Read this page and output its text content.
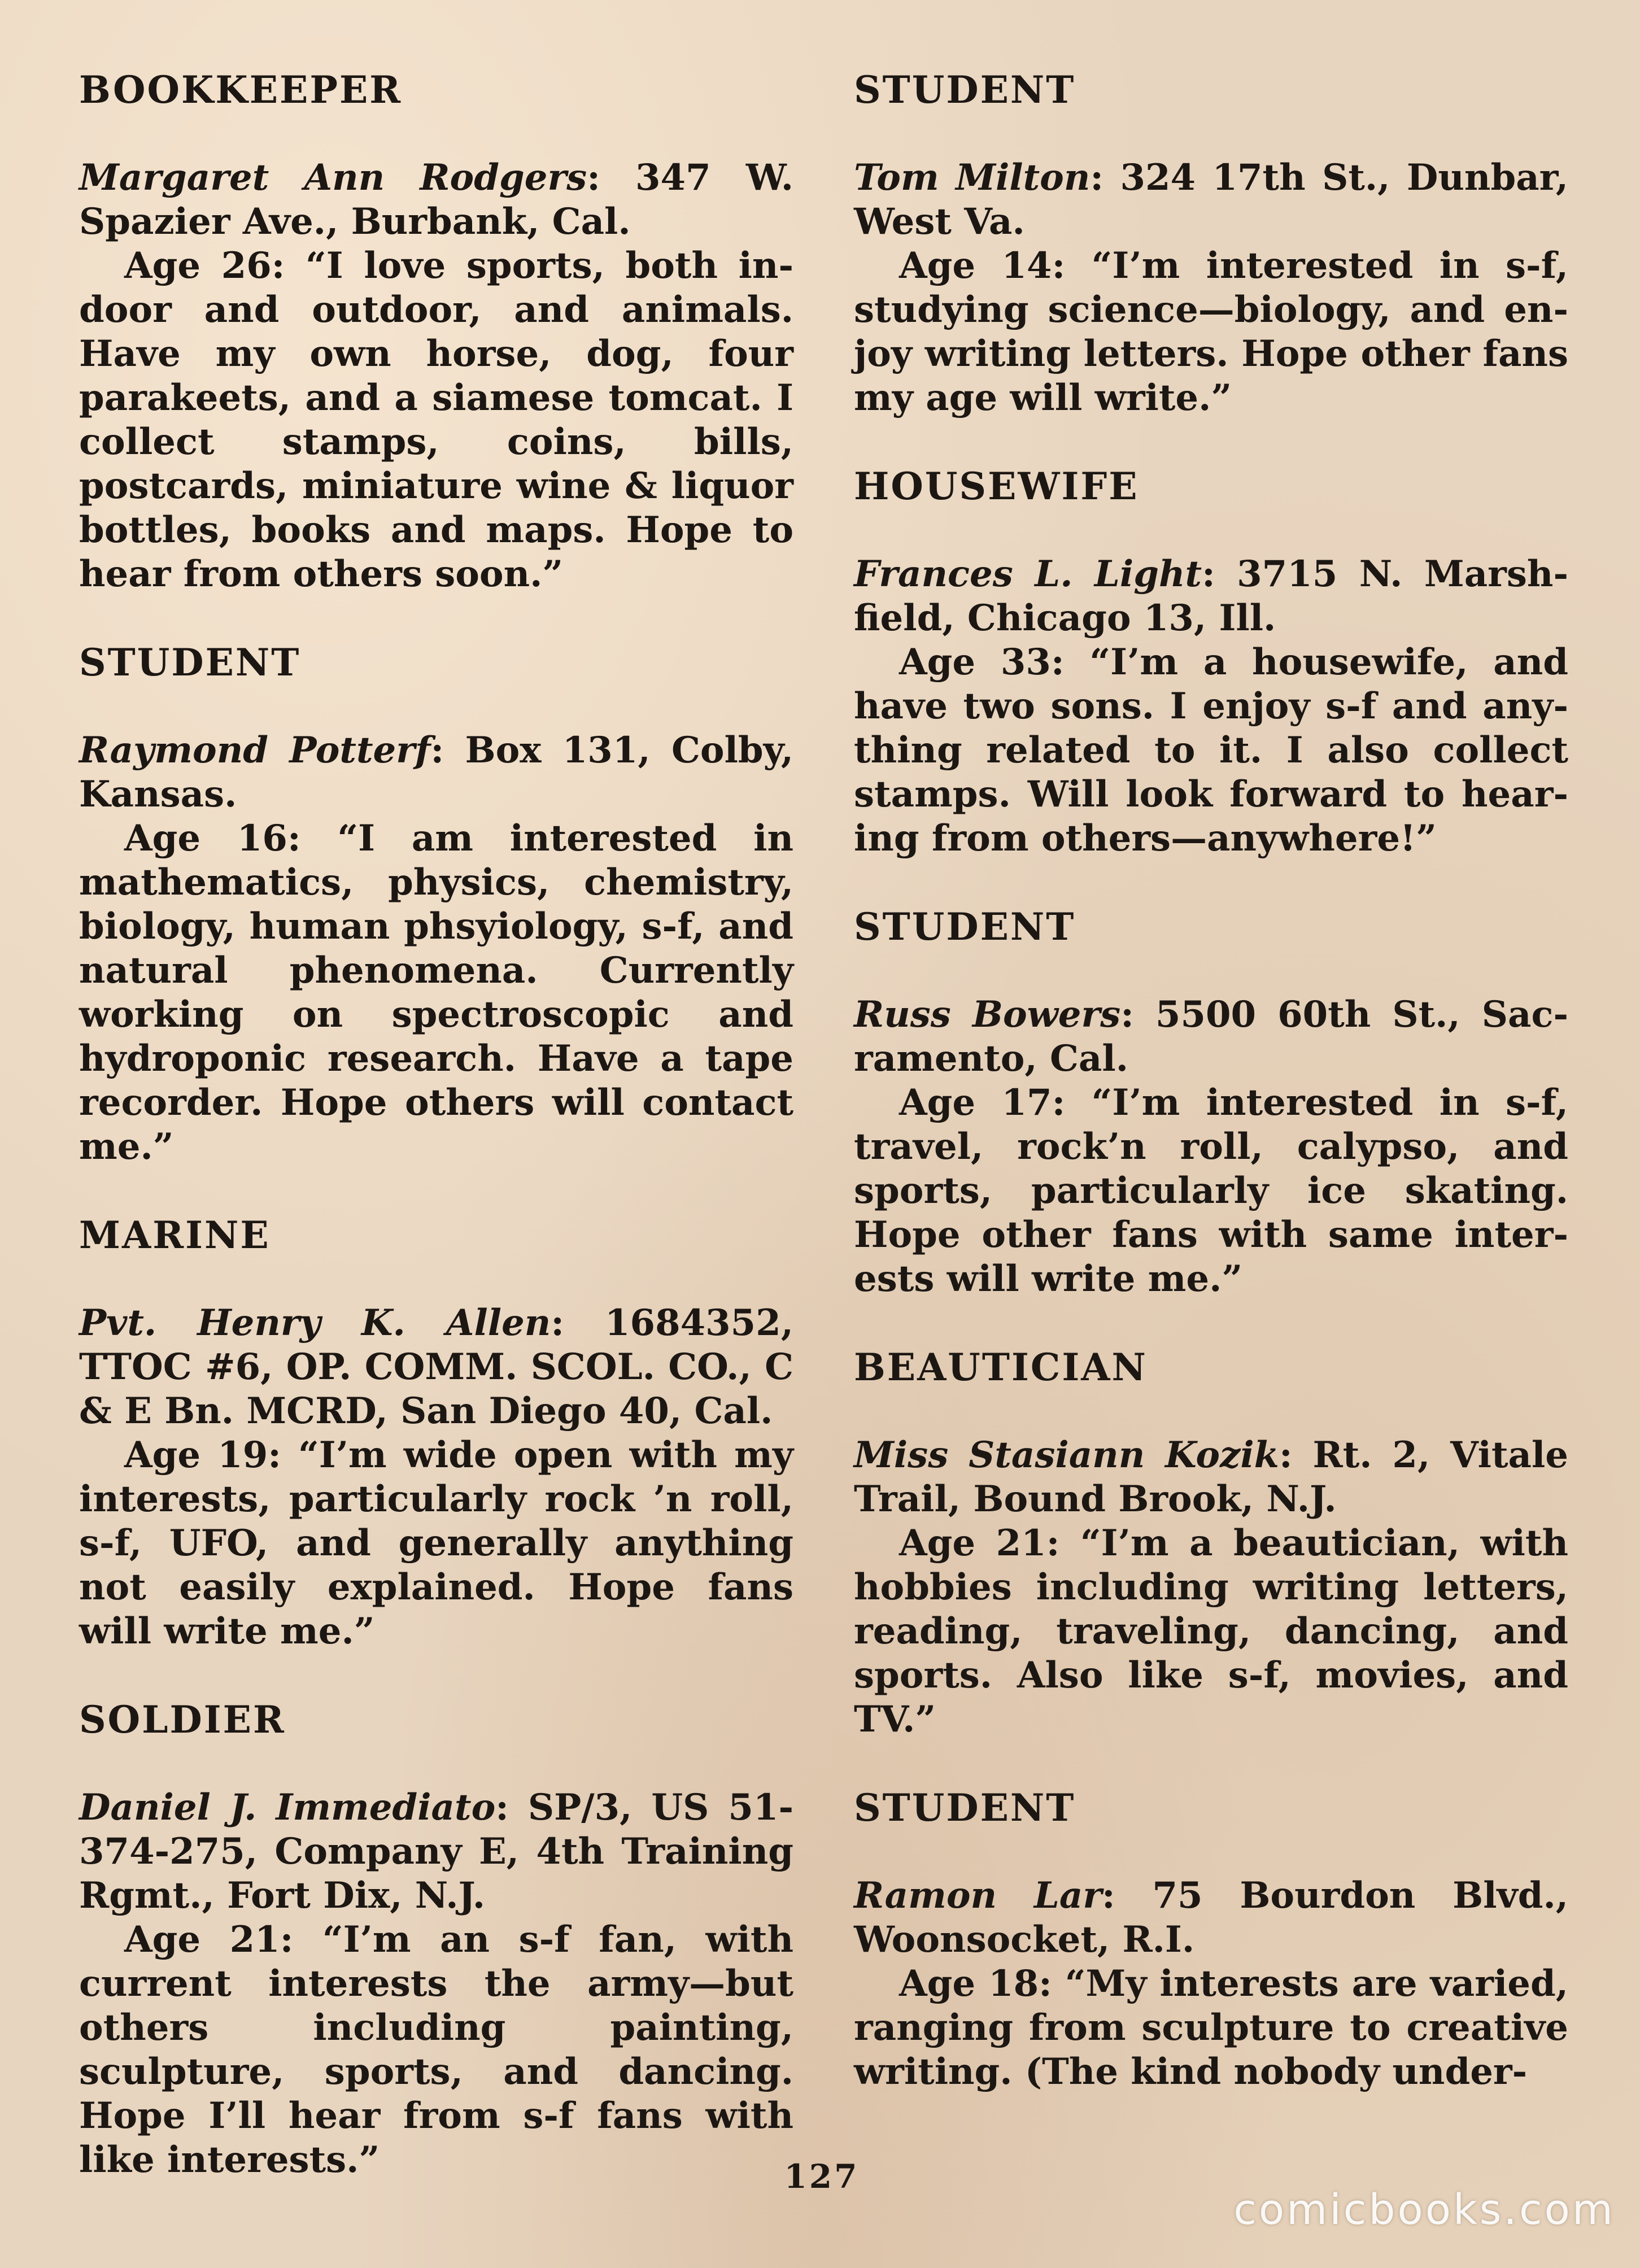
BOOKKEEPER

Margaret Ann Rodgers: 347 W. Spazier Ave., Burbank, Cal.

Age 26: “I love sports, both indoor and outdoor, and animals. Have my own horse, dog, four parakeets, and a siamese tomcat. I collect stamps, coins, bills, postcards, miniature wine & liquor bottles, books and maps. Hope to hear from others soon.”

STUDENT

Raymond Potterf: Box 131, Colby, Kansas.

Age 16: “I am interested in mathematics, physics, chemistry, biology, human phsyiology, s-f, and natural phenomena. Currently working on spectroscopic and hydroponic research. Have a tape recorder. Hope others will contact me.”

MARINE

Pvt. Henry K. Allen: 1684352, TTOC #6, OP. COMM. SCOL. CO., C & E Bn. MCRD, San Diego 40, Cal.

Age 19: “I’m wide open with my interests, particularly rock ’n roll, s-f, UFO, and generally anything not easily explained. Hope fans will write me.”

SOLDIER

Daniel J. Immediato: SP/3, US 51-374-275, Company E, 4th Training Rgmt., Fort Dix, N.J.

Age 21: “I’m an s-f fan, with current interests the army—but others including painting, sculpture, sports, and dancing. Hope I’ll hear from s-f fans with like interests.”

STUDENT

Tom Milton: 324 17th St., Dunbar, West Va.

Age 14: “I’m interested in s-f, studying science—biology, and enjoy writing letters. Hope other fans my age will write.”

HOUSEWIFE

Frances L. Light: 3715 N. Marshfield, Chicago 13, Ill.

Age 33: “I’m a housewife, and have two sons. I enjoy s-f and anything related to it. I also collect stamps. Will look forward to hearing from others—anywhere!”

STUDENT

Russ Bowers: 5500 60th St., Sacramento, Cal.

Age 17: “I’m interested in s-f, travel, rock’n roll, calypso, and sports, particularly ice skating. Hope other fans with same interests will write me.”

BEAUTICIAN

Miss Stasiann Kozik: Rt. 2, Vitale Trail, Bound Brook, N.J.

Age 21: “I’m a beautician, with hobbies including writing letters, reading, traveling, dancing, and sports. Also like s-f, movies, and TV.”

STUDENT

Ramon Lar: 75 Bourdon Blvd., Woonsocket, R.I.

Age 18: “My interests are varied, ranging from sculpture to creative writing. (The kind nobody under-

127
comicbooks.com
